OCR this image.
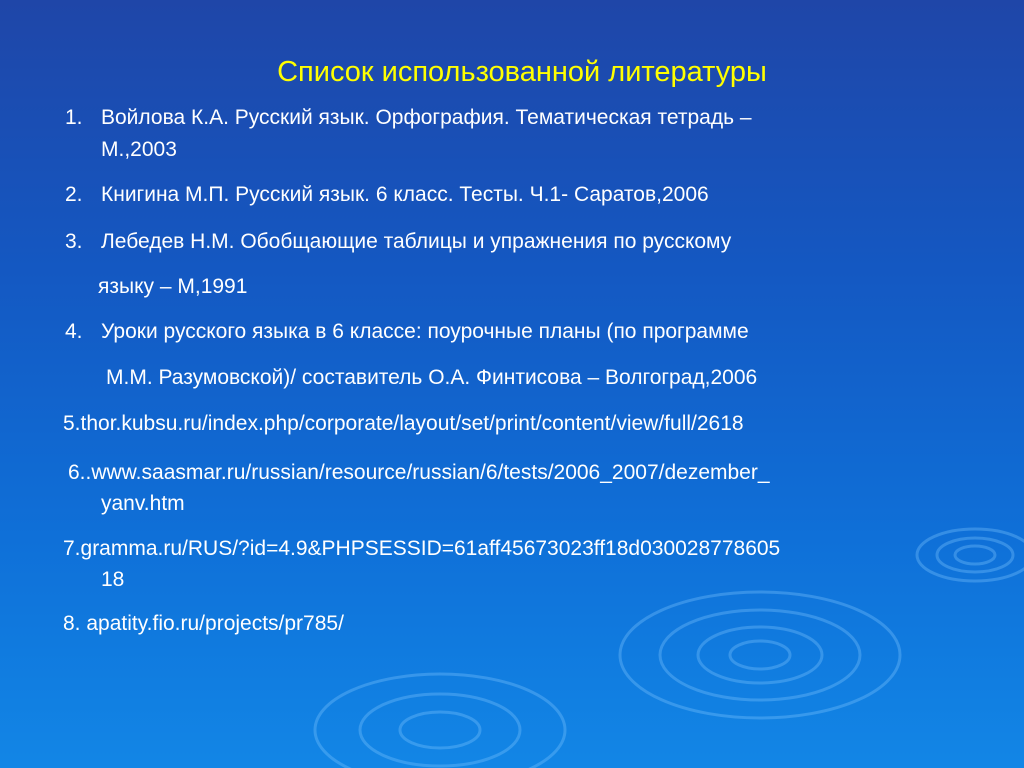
Список использованной литературы
1. Войлова К.А. Русский язык. Орфография. Тематическая тетрадь –
М.,2003
2. Книгина М.П. Русский язык. 6 класс. Тесты. Ч.1- Саратов,2006
3. Лебедев Н.М. Обобщающие таблицы и упражнения по русскому
языку – М,1991
4. Уроки русского языка в 6 классе: поурочные планы (по программе
М.М. Разумовской)/ составитель О.А. Финтисова – Волгоград,2006
5.thor.kubsu.ru/index.php/corporate/layout/set/print/content/view/full/2618
6..www.saasmar.ru/russian/resource/russian/6/tests/2006_2007/dezember_
yanv.htm
7.gramma.ru/RUS/?id=4.9&PHPSESSID=61aff45673023ff18d030028778605
18
8. apatity.fio.ru/projects/pr785/
